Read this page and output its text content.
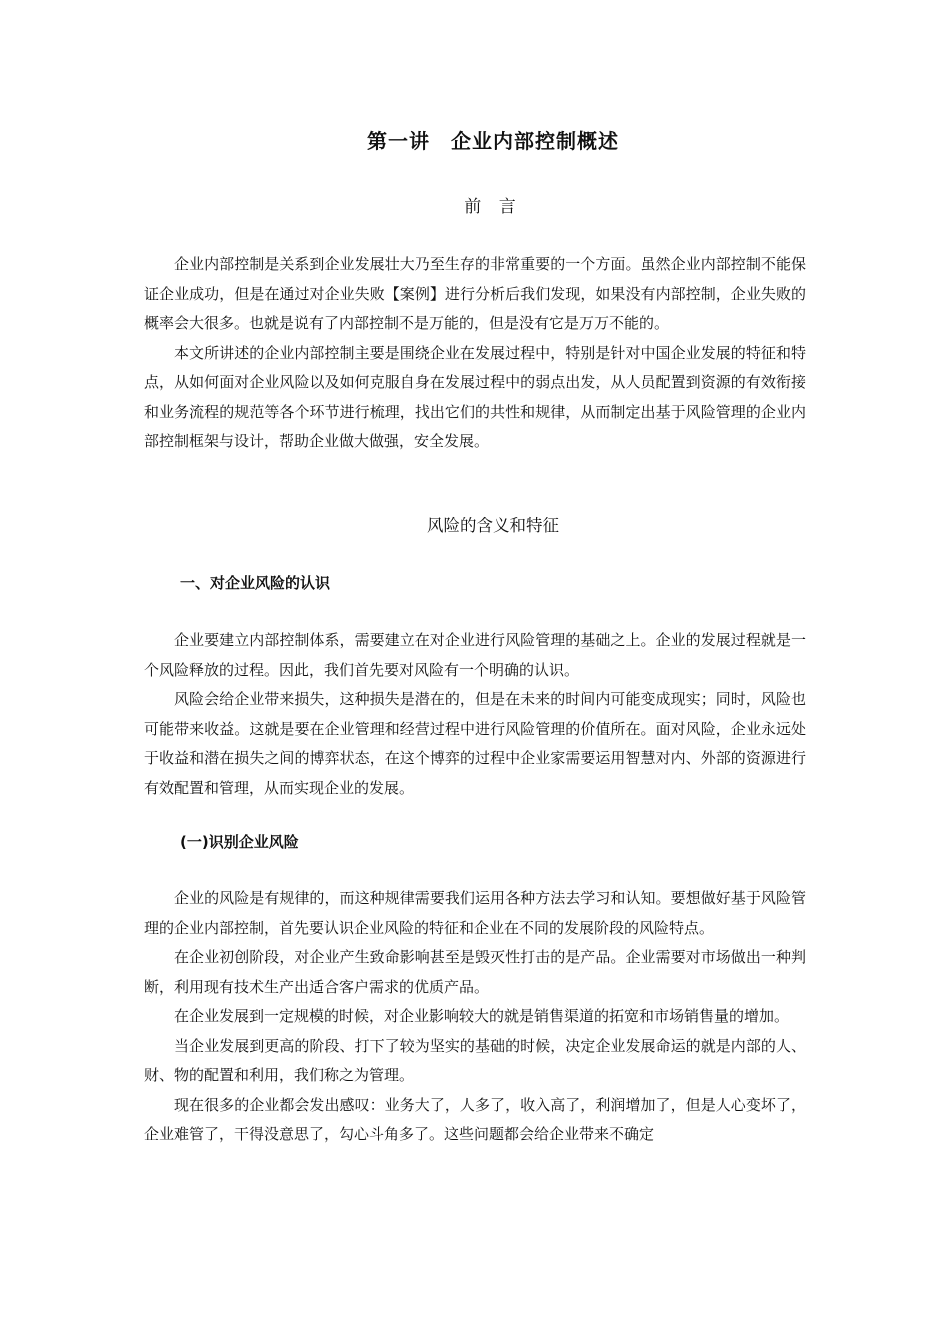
第一讲　企业内部控制概述
前 言

企业内部控制是关系到企业发展壮大乃至生存的非常重要的一个方面。虽然企业内部控制不能保证企业成功，但是在通过对企业失败【案例】进行分析后我们发现，如果没有内部控制，企业失败的概率会大很多。也就是说有了内部控制不是万能的，但是没有它是万万不能的。

本文所讲述的企业内部控制主要是围绕企业在发展过程中，特别是针对中国企业发展的特征和特点，从如何面对企业风险以及如何克服自身在发展过程中的弱点出发，从人员配置到资源的有效衔接和业务流程的规范等各个环节进行梳理，找出它们的共性和规律，从而制定出基于风险管理的企业内部控制框架与设计，帮助企业做大做强，安全发展。

风险的含义和特征
一、对企业风险的认识

企业要建立内部控制体系，需要建立在对企业进行风险管理的基础之上。企业的发展过程就是一个风险释放的过程。因此，我们首先要对风险有一个明确的认识。

风险会给企业带来损失，这种损失是潜在的，但是在未来的时间内可能变成现实；同时，风险也可能带来收益。这就是要在企业管理和经营过程中进行风险管理的价值所在。面对风险，企业永远处于收益和潜在损失之间的博弈状态，在这个博弈的过程中企业家需要运用智慧对内、外部的资源进行有效配置和管理，从而实现企业的发展。

(一)识别企业风险

企业的风险是有规律的，而这种规律需要我们运用各种方法去学习和认知。要想做好基于风险管理的企业内部控制，首先要认识企业风险的特征和企业在不同的发展阶段的风险特点。

在企业初创阶段，对企业产生致命影响甚至是毁灭性打击的是产品。企业需要对市场做出一种判断，利用现有技术生产出适合客户需求的优质产品。

在企业发展到一定规模的时候，对企业影响较大的就是销售渠道的拓宽和市场销售量的增加。

当企业发展到更高的阶段、打下了较为坚实的基础的时候，决定企业发展命运的就是内部的人、财、物的配置和利用，我们称之为管理。

现在很多的企业都会发出感叹：业务大了，人多了，收入高了，利润增加了，但是人心变坏了，企业难管了，干得没意思了，勾心斗角多了。这些问题都会给企业带来不确定
